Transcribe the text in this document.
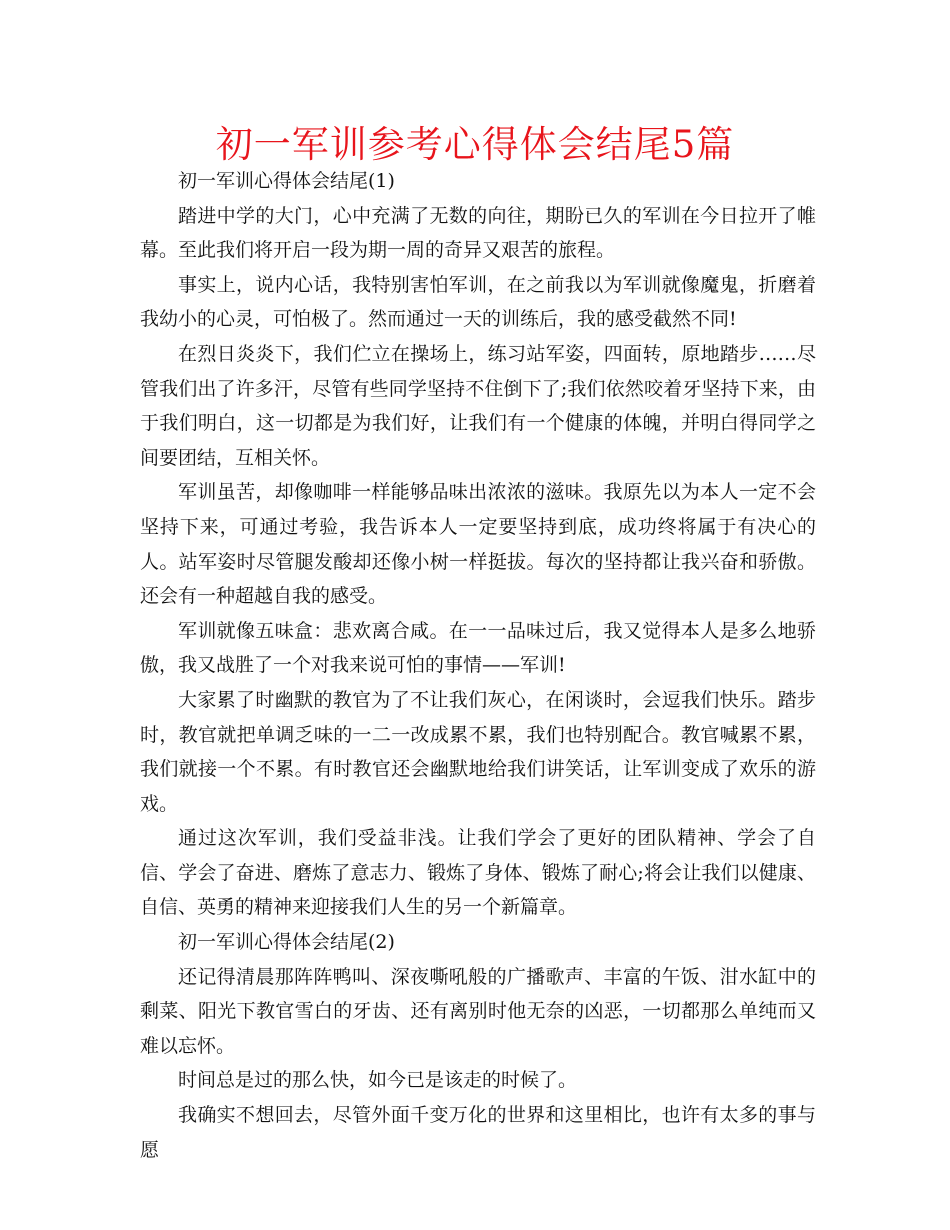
初一军训参考心得体会结尾5篇

初一军训心得体会结尾(1)

踏进中学的大门，心中充满了无数的向往，期盼已久的军训在今日拉开了帷幕。至此我们将开启一段为期一周的奇异又艰苦的旅程。

事实上，说内心话，我特别害怕军训，在之前我以为军训就像魔鬼，折磨着我幼小的心灵，可怕极了。然而通过一天的训练后，我的感受截然不同!

在烈日炎炎下，我们伫立在操场上，练习站军姿，四面转，原地踏步……尽管我们出了许多汗，尽管有些同学坚持不住倒下了;我们依然咬着牙坚持下来，由于我们明白，这一切都是为我们好，让我们有一个健康的体魄，并明白得同学之间要团结，互相关怀。

军训虽苦，却像咖啡一样能够品味出浓浓的滋味。我原先以为本人一定不会坚持下来，可通过考验，我告诉本人一定要坚持到底，成功终将属于有决心的人。站军姿时尽管腿发酸却还像小树一样挺拔。每次的坚持都让我兴奋和骄傲。还会有一种超越自我的感受。

军训就像五味盒：悲欢离合咸。在一一品味过后，我又觉得本人是多么地骄傲，我又战胜了一个对我来说可怕的事情——军训!

大家累了时幽默的教官为了不让我们灰心，在闲谈时，会逗我们快乐。踏步时，教官就把单调乏味的一二一改成累不累，我们也特别配合。教官喊累不累，我们就接一个不累。有时教官还会幽默地给我们讲笑话，让军训变成了欢乐的游戏。

通过这次军训，我们受益非浅。让我们学会了更好的团队精神、学会了自信、学会了奋进、磨炼了意志力、锻炼了身体、锻炼了耐心;将会让我们以健康、自信、英勇的精神来迎接我们人生的另一个新篇章。

初一军训心得体会结尾(2)

还记得清晨那阵阵鸭叫、深夜嘶吼般的广播歌声、丰富的午饭、泔水缸中的剩菜、阳光下教官雪白的牙齿、还有离别时他无奈的凶恶，一切都那么单纯而又难以忘怀。

时间总是过的那么快，如今已是该走的时候了。

我确实不想回去，尽管外面千变万化的世界和这里相比，也许有太多的事与愿
